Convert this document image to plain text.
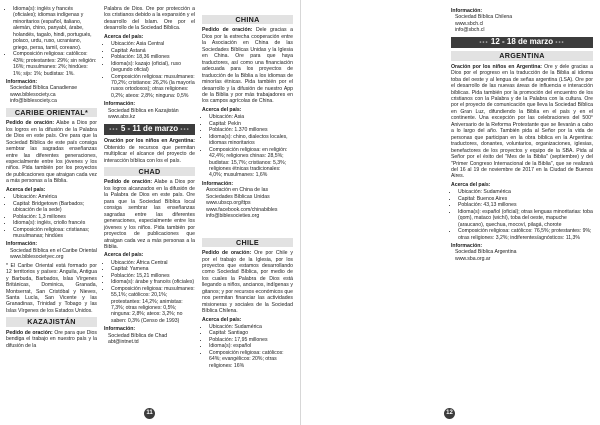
• Idioma(s): inglés y francés (oficiales); idiomas indígenas y minoritarios (español, italiano, alemán, chino, panyabí, árabe, holandés, tagalo, hindi, portugués, polaco, urdu, ruso, ucraniano, griego, persa, tamil, coreano).
• Composición religiosa: católicos: 43%; protestantes: 29%; sin religión: 16%; musulmanes: 2%; hindúes: 1%; sijs: 1%; budistas: 1%.
Información:
Sociedad Bíblica Canadiense
www.biblesociety.ca
info@biblesociety.ca
CARIBE ORIENTAL*

Pedido de oración: Alabe a Dios por los logros en la difusión de la Palabra de Dios en este país. Ore para que la Sociedad Bíblica de este país consiga sembrar las sagradas enseñanzas entre las diferentes generaciones, especialmente entre los jóvenes y los niños. Pida también por los proyectos de publicaciones que atraigan cada vez a más personas a la Biblia.

Acerca del país:
• Ubicación: América
• Capital: Bridgetown (Barbados; ubicación de la sede)
• Población: 1,3 millones
• Idioma(s): inglés, criollo francés
• Composición religiosa: cristianas; musulmanas; hindúes
Información:
Sociedad Bíblica en el Caribe Oriental
www.biblesocietyec.org

* El Caribe Oriental está formado por 12 territorios y países: Anguila, Antigua y Barbuda, Barbados, Islas Vírgenes Británicas, Dominica, Granada, Montserrat, San Cristóbal y Nieves, Santa Lucía, San Vicente y las Granadinas, Trinidad y Tobago y las Islas Vírgenes de los Estados Unidos.

KAZAJISTÁN

Pedido de oración: Ore para que Dios bendiga el trabajo en nuestro país y la difusión de la

Palabra de Dios. Ore por protección a los cristianos debido a la expansión y el desarrollo del Islam. Ore por el desarrollo de la Sociedad Bíblica.

Acerca del país:
• Ubicación: Asia Central
• Capital: Astaná
• Población: 18,36 millones
• Idioma(s): kazajo (oficial), ruso (segundo oficial)
• Composición religiosa: musulmanes: 70,2%; cristianos: 26,2% (la mayoría rusos ortodoxos); otras religiones: 0,2%; ateos: 2,8%; ninguna: 0,5%
Información:
Sociedad Bíblica en Kazajistán
www.abs.kz
••• 5 - 11 de marzo •••

Oración por los niños en Argentina: Obtenido de recursos que permitan multiplicar el alcance del proyecto de interacción bíblica con los el país.

CHAD

Pedido de oración: Alabe a Dios por los logros alcanzados en la difusión de la Palabra de Dios en este país. Ore para que la Sociedad Bíblica local consiga sembrar las enseñanzas sagradas entre las diferentes generaciones, especialmente entre los jóvenes y los niños. Pida también por proyectos de publicaciones que atraigan cada vez a más personas a la Biblia.

Acerca del país:
• Ubicación: África Central
• Capital: Yamena
• Población: 15,21 millones
• Idioma(s): árabe y francés (oficiales)
• Composición religiosa: musulmanes: 55,1%; católicos: 20,1%; protestantes: 14,2%; animistas: 7,3%; otras religiones: 0,5%; ninguna: 2,8%; ateos: 3,2%; no saben: 0,3% (Censo de 1993)
Información:
Sociedad Bíblica de Chad
abt@intnet.td
CHINA

Pedido de oración: Dele gracias a Dios por la estrecha cooperación entre la Asociación en China de las Sociedades Bíblicas Unidas y la Iglesia en China. Ore para que haya traductores, así como una financiación adecuada para los proyectos de traducción de la Biblia a los idiomas de minorías étnicas. Pida también por el desarrollo y la difusión de nuestro App de la Biblia y por más trabajadores en los campos agrícolas de China.

Acerca del país:
• Ubicación: Asia
• Capital: Pekín
• Población: 1.370 millones
• Idioma(s): chino, dialectos locales, idiomas minoritarios
• Composición religiosa: en religión: 42,4%; religiones chinas: 28,5%; budistas: 15,7%; cristianos: 5,3%; religiones étnicas tradicionales: 4,0%; musulmanes: 1,6%
Información:
Asociación en China de las Sociedades Bíblicas Unidas
www.ubscp.org/ttps
www.facebook.com/chinabibles
info@biblesocieties.org
CHILE

Pedido de oración: Ore por Chile y por el trabajo de la Iglesia, por los proyectos que estamos desarrollando como Sociedad Bíblica, por medio de los cuales la Palabra de Dios está llegando a niños, ancianos, indígenas y gitanos; y por recursos económicos que nos permitan financiar las actividades misioneras y sociales de la Sociedad Bíblica Chilena.

Acerca del país:
• Ubicación: Sudamérica
• Capital: Santiago
• Población: 17,95 millones
• Idioma(s): español
• Composición religiosa: católicos: 64%; evangélicos: 20%; otras religiones: 16%
11
Información:
Sociedad Bíblica Chilena
www.sbch.cl
info@sbch.cl
••• 12 - 18 de marzo •••
ARGENTINA

Oración por los niños en Argentina: Ore y dele gracias a Dios por el progreso en la traducción de la Biblia al idioma toba del oeste y al lengua de señas argentina (LSA). Ore por el desarrollo de las nuevas áreas de influencia e interacción bíblicas. Pida también por la promoción del encuentro de los cristianos con la Palabra y de la Palabra con la cultura. Ore por el proyecto de comunicación que lleva la Sociedad Bíblica en Gran Luz, difundiendo la Biblia en el país y en el continente. Una excepción por las celebraciones del 500° Aniversario de la Reforma Protestante que se llevarán a cabo a lo largo del año. También pida al Señor por la vida de personas que participan en la obra bíblica en la Argentina: traductores, donantes, voluntarios, organizaciones, iglesias, benefactores de los proyectos y equipo de la SBA. Pida al Señor por el éxito del "Mes de la Biblia" (septiembre) y del "Primer Congreso Internacional de la Biblia", que se realizará del 16 al 19 de noviembre de 2017 en la Ciudad de Buenos Aires.

Acerca del país:
• Ubicación: Sudamérica
• Capital: Buenos Aires
• Población: 43,13 millones
• Idioma(s): español (oficial); otras lenguas minoritarias: toba (qom), mataco (wichí), toba del oeste, mapuche (araucano), quechua, mocoví, pilagá, chorote
• Composición religiosa: católicos: 76,5%; protestantes: 9%; otras religiones: 3,2%; indiferentes/agnósticos: 11,3%
Información:
Sociedad Bíblica Argentina
www.sba.org.ar
12
